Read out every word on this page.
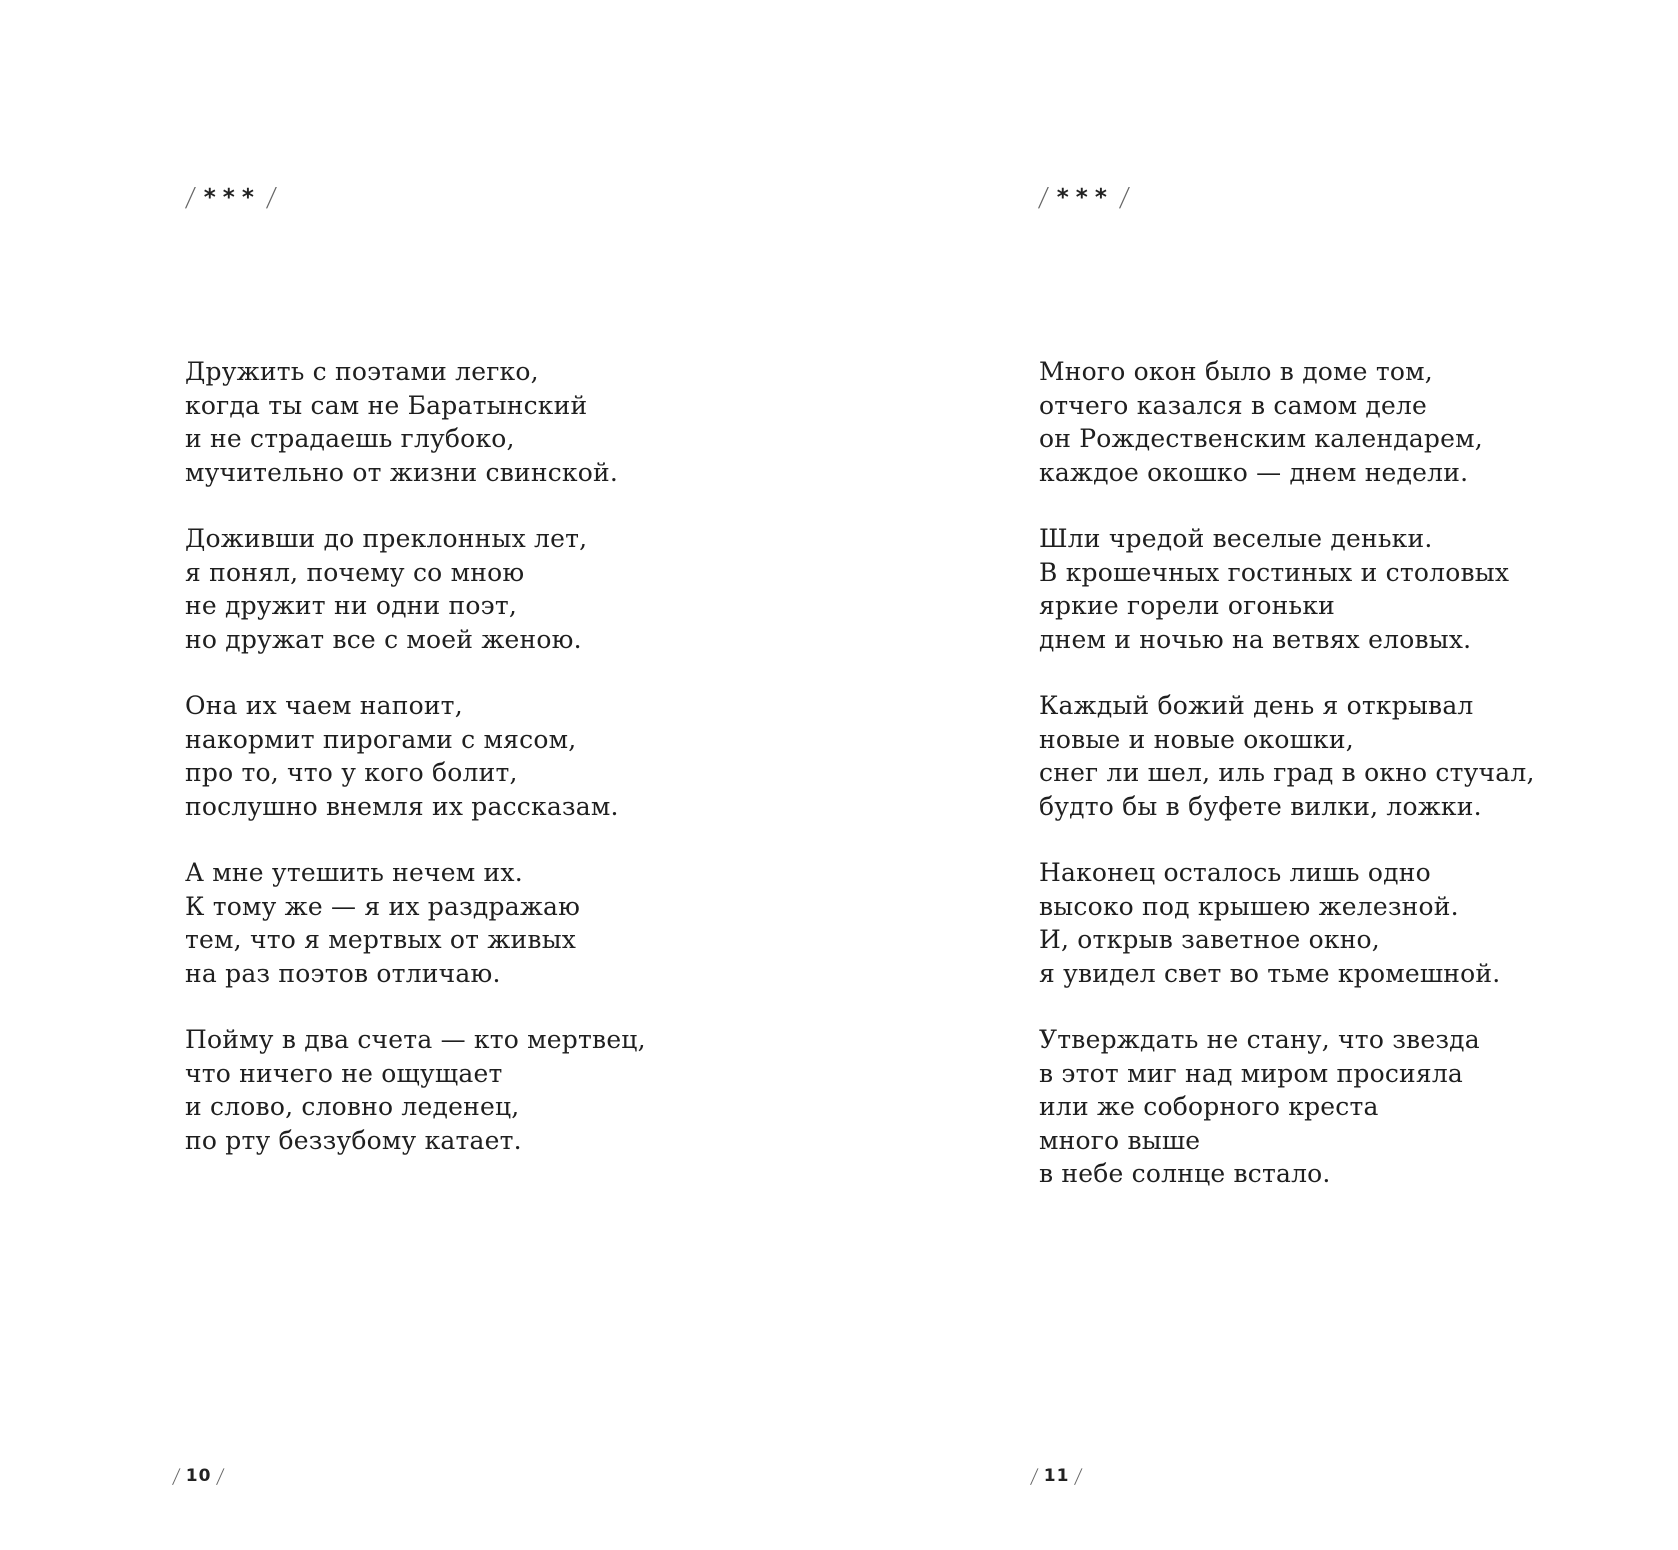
/ *** /
Дружить с поэтами легко,
когда ты сам не Баратынский
и не страдаешь глубоко,
мучительно от жизни свинской.
Доживши до преклонных лет,
я понял, почему со мною
не дружит ни одни поэт,
но дружат все с моей женою.
Она их чаем напоит,
накормит пирогами с мясом,
про то, что у кого болит,
послушно внемля их рассказам.
А мне утешить нечем их.
К тому же — я их раздражаю
тем, что я мертвых от живых
на раз поэтов отличаю.
Пойму в два счета — кто мертвец,
что ничего не ощущает
и слово, словно леденец,
по рту беззубому катает.
/ 10 /
/ *** /
Много окон было в доме том,
отчего казался в самом деле
он Рождественским календарем,
каждое окошко — днем недели.
Шли чредой веселые деньки.
В крошечных гостиных и столовых
яркие горели огоньки
днем и ночью на ветвях еловых.
Каждый божий день я открывал
новые и новые окошки,
снег ли шел, иль град в окно стучал,
будто бы в буфете вилки, ложки.
Наконец осталось лишь одно
высоко под крышею железной.
И, открыв заветное окно,
я увидел свет во тьме кромешной.
Утверждать не стану, что звезда
в этот миг над миром просияла
или же соборного креста
много выше
в небе солнце встало.
/ 11 /
